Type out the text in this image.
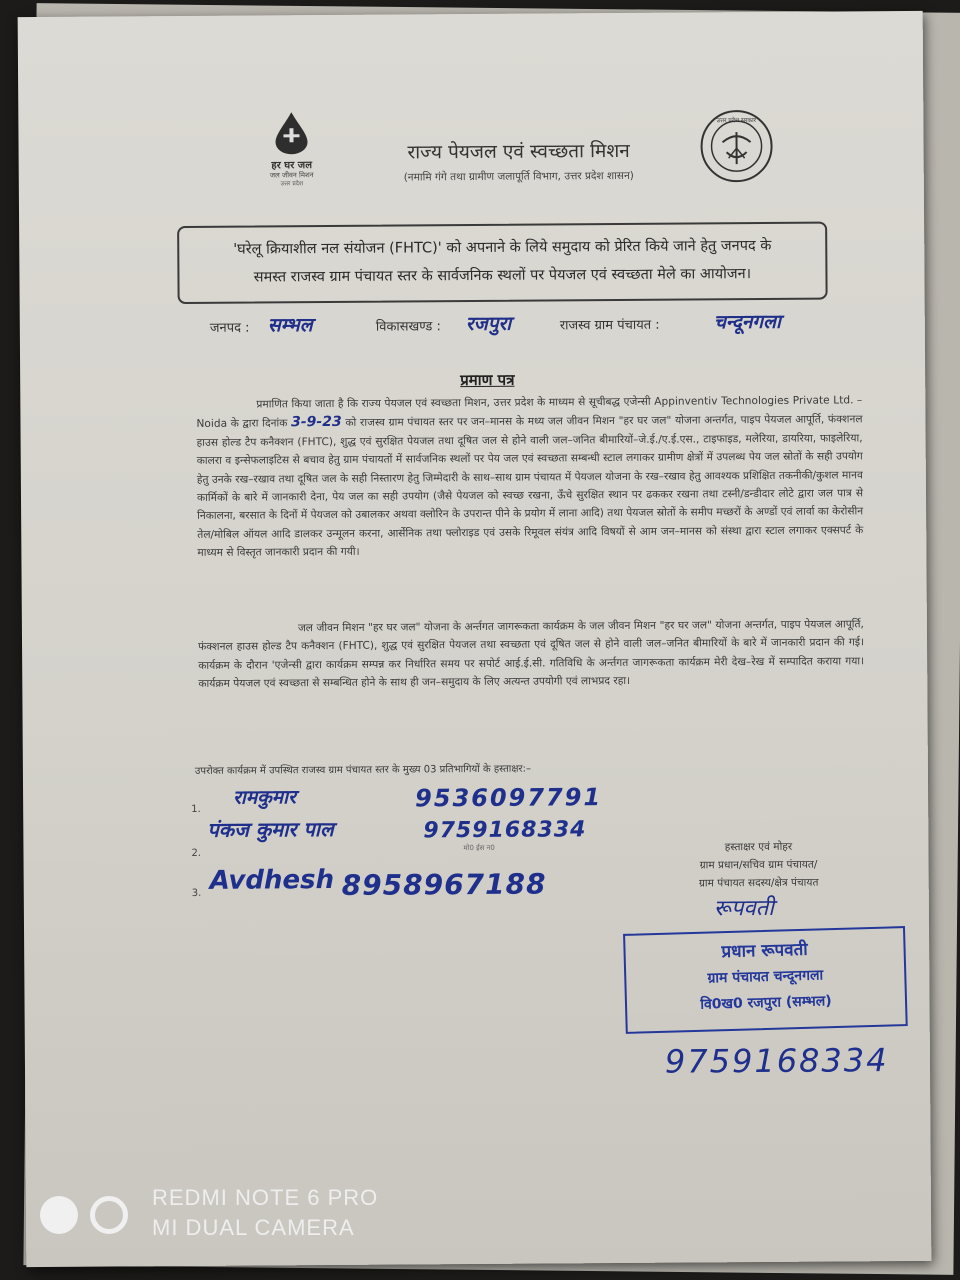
हर घर जल
जल जीवन मिशन
उत्तर प्रदेश
राज्य पेयजल एवं स्वच्छता मिशन
(नमामि गंगे तथा ग्रामीण जलापूर्ति विभाग, उत्तर प्रदेश शासन)
उत्तर प्रदेश सरकार
'घरेलू क्रियाशील नल संयोजन (FHTC)' को अपनाने के लिये समुदाय को प्रेरित किये जाने हेतु जनपद के
समस्त राजस्व ग्राम पंचायत स्तर के सार्वजनिक स्थलों पर पेयजल एवं स्वच्छता मेले का आयोजन।
जनपद : सम्भल	विकासखण्ड : रजपुरा	राजस्व ग्राम पंचायत :	चन्दूनगला
प्रमाण पत्र
प्रमाणित किया जाता है कि राज्य पेयजल एवं स्वच्छता मिशन, उत्तर प्रदेश के माध्यम से सूचीबद्ध एजेन्सी Appinventiv Technologies Private Ltd. – Noida के द्वारा दिनांक 3-9-23 को राजस्व ग्राम पंचायत स्तर पर जन–मानस के मध्य जल जीवन मिशन "हर घर जल" योजना अन्तर्गत, पाइप पेयजल आपूर्ति, फंक्शनल हाउस होल्ड टैप कनैक्शन (FHTC), शुद्ध एवं सुरक्षित पेयजल तथा दूषित जल से होने वाली जल–जनित बीमारियों–जे.ई./ए.ई.एस., टाइफाइड, मलेरिया, डायरिया, फाइलेरिया, कालरा व इन्सेफलाइटिस से बचाव हेतु ग्राम पंचायतों में सार्वजनिक स्थलों पर पेय जल एवं स्वच्छता सम्बन्धी स्टाल लगाकर ग्रामीण क्षेत्रों में उपलब्ध पेय जल स्रोतों के सही उपयोग हेतु उनके रख–रखाव तथा दूषित जल के सही निस्तारण हेतु जिम्मेदारी के साथ–साथ ग्राम पंचायत में पेयजल योजना के रख–रखाव हेतु आवश्यक प्रशिक्षित तकनीकी/कुशल मानव कार्मिकों के बारे में जानकारी देना, पेय जल का सही उपयोग (जैसे पेयजल को स्वच्छ रखना, ऊँचे सुरक्षित स्थान पर ढककर रखना तथा टस्नी/डन्डीदार लोटे द्वारा जल पात्र से निकालना, बरसात के दिनों में पेयजल को उबालकर अथवा क्लोरिन के उपरान्त पीने के प्रयोग में लाना आदि) तथा पेयजल स्रोतों के समीप मच्छरों के अण्डों एवं लार्वा का केरोसीन तेल/मोबिल ऑयल आदि डालकर उन्मूलन करना, आर्सेनिक तथा फ्लोराइड एवं उसके रिमूवल संयंत्र आदि विषयों से आम जन–मानस को संस्था द्वारा स्टाल लगाकर एक्सपर्ट के माध्यम से विस्तृत जानकारी प्रदान की गयी।
जल जीवन मिशन "हर घर जल" योजना के अर्न्तगत जागरूकता कार्यक्रम के जल जीवन मिशन "हर घर जल" योजना अन्तर्गत, पाइप पेयजल आपूर्ति, फंक्शनल हाउस होल्ड टैप कनैक्शन (FHTC), शुद्ध एवं सुरक्षित पेयजल तथा स्वच्छता एवं दूषित जल से होने वाली जल–जनित बीमारियों के बारे में जानकारी प्रदान की गई। कार्यक्रम के दौरान 'एजेन्सी द्वारा कार्यक्रम सम्पन्न कर निर्धारित समय पर सपोर्ट आई.ई.सी. गतिविधि के अर्न्तगत जागरूकता कार्यक्रम मेरी देख–रेख में सम्पादित कराया गया। कार्यक्रम पेयजल एवं स्वच्छता से सम्बन्धित होने के साथ ही जन–समुदाय के लिए अत्यन्त उपयोगी एवं लाभप्रद रहा।
उपरोक्त कार्यक्रम में उपस्थित राजस्व ग्राम पंचायत स्तर के मुख्य 03 प्रतिभागियों के हस्ताक्षर:–
1.
रामकुमार	9536097791
2.
पंकज कुमार पाल	9759168334
मो0 ईस न0
3. Avdhesh 8958967188
हस्ताक्षर एवं मोहर
ग्राम प्रधान/सचिव ग्राम पंचायत/
ग्राम पंचायत सदस्य/क्षेत्र पंचायत
रूपवती
प्रधान रूपवती
ग्राम पंचायत चन्दूनगला
वि0ख0 रजपुरा (सम्भल)
9759168334
REDMI NOTE 6 PRO
MI DUAL CAMERA
